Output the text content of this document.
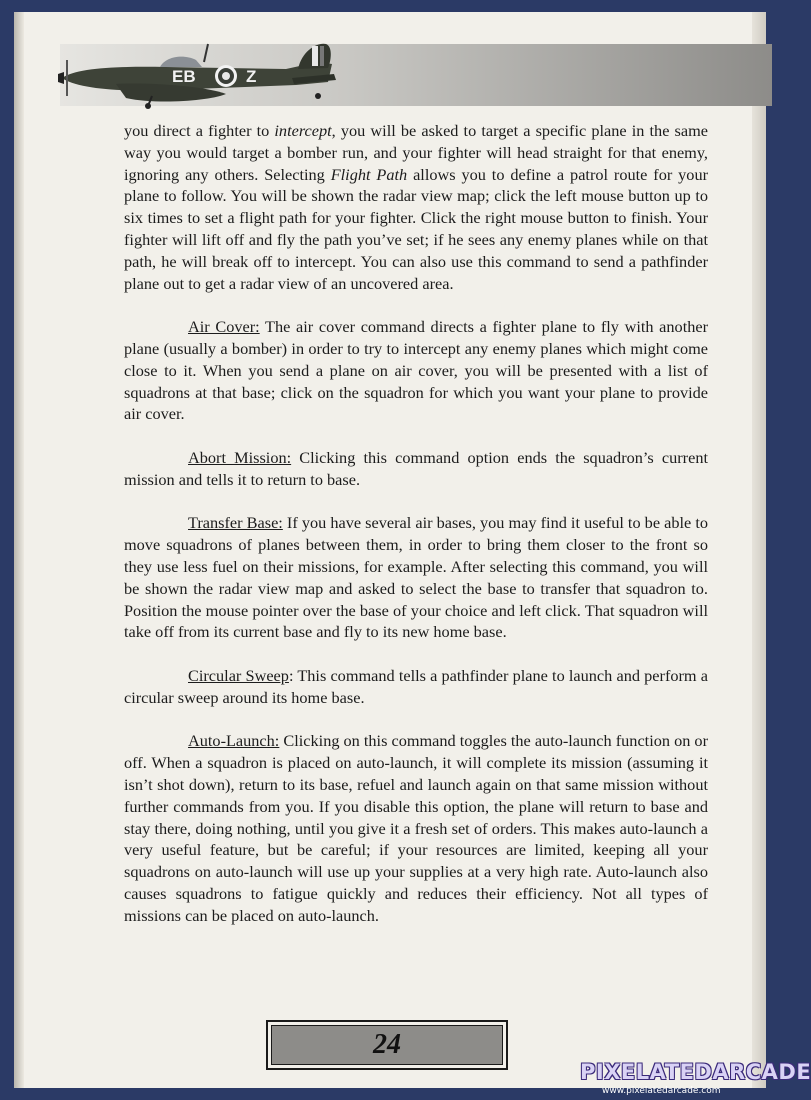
EB	Z

you direct a fighter to intercept, you will be asked to target a specific plane in the same way you would target a bomber run, and your fighter will head straight for that enemy, ignoring any others. Selecting Flight Path allows you to define a patrol route for your plane to follow. You will be shown the radar view map; click the left mouse button up to six times to set a flight path for your fighter. Click the right mouse button to finish. Your fighter will lift off and fly the path you’ve set; if he sees any enemy planes while on that path, he will break off to intercept. You can also use this command to send a pathfinder plane out to get a radar view of an uncovered area.

Air Cover: The air cover command directs a fighter plane to fly with another plane (usually a bomber) in order to try to intercept any enemy planes which might come close to it. When you send a plane on air cover, you will be presented with a list of squadrons at that base; click on the squadron for which you want your plane to provide air cover.

Abort Mission: Clicking this command option ends the squadron’s current mission and tells it to return to base.

Transfer Base: If you have several air bases, you may find it useful to be able to move squadrons of planes between them, in order to bring them closer to the front so they use less fuel on their missions, for example. After selecting this command, you will be shown the radar view map and asked to select the base to transfer that squadron to. Position the mouse pointer over the base of your choice and left click. That squadron will take off from its current base and fly to its new home base.

Circular Sweep: This command tells a pathfinder plane to launch and perform a circular sweep around its home base.

Auto-Launch: Clicking on this command toggles the auto-launch function on or off. When a squadron is placed on auto-launch, it will complete its mission (assuming it isn’t shot down), return to its base, refuel and launch again on that same mission without further commands from you. If you disable this option, the plane will return to base and stay there, doing nothing, until you give it a fresh set of orders. This makes auto-launch a very useful feature, but be careful; if your resources are limited, keeping all your squadrons on auto-launch will use up your supplies at a very high rate. Auto-launch also causes squadrons to fatigue quickly and reduces their efficiency. Not all types of missions can be placed on auto-launch.

24
PIXELATEDARCADE
www.pixelatedarcade.com
